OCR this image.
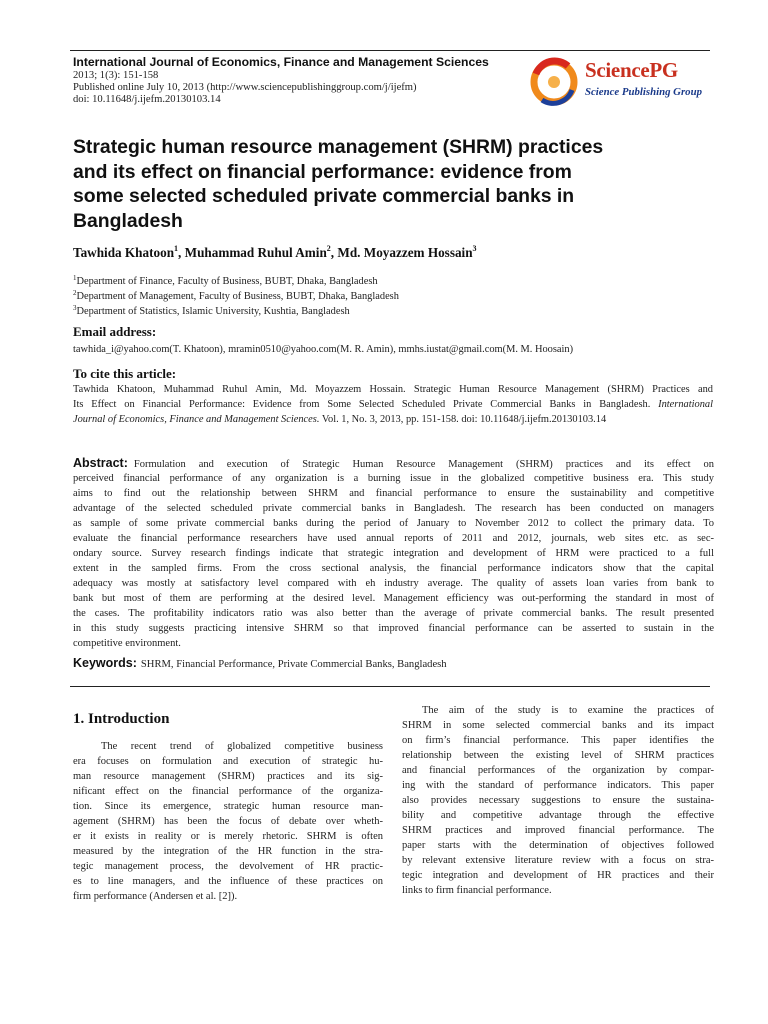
International Journal of Economics, Finance and Management Sciences
2013; 1(3): 151-158
Published online July 10, 2013 (http://www.sciencepublishinggroup.com/j/ijefm)
doi: 10.11648/j.ijefm.20130103.14
SciencePG
Science Publishing Group
Strategic human resource management (SHRM) practices
and its effect on financial performance: evidence from
some selected scheduled private commercial banks in
Bangladesh
Tawhida Khatoon$^1$, Muhammad Ruhul Amin$^2$, Md. Moyazzem Hossain$^3$
$^1$Department of Finance, Faculty of Business, BUBT, Dhaka, Bangladesh
$^2$Department of Management, Faculty of Business, BUBT, Dhaka, Bangladesh
$^3$Department of Statistics, Islamic University, Kushtia, Bangladesh
Email address:
tawhida_i@yahoo.com(T. Khatoon), mramin0510@yahoo.com(M. R. Amin), mmhs.iustat@gmail.com(M. M. Hoosain)
To cite this article:
Tawhida Khatoon, Muhammad Ruhul Amin, Md. Moyazzem Hossain. Strategic Human Resource Management (SHRM) Practices and
Its Effect on Financial Performance: Evidence from Some Selected Scheduled Private Commercial Banks in Bangladesh. International
Journal of Economics, Finance and Management Sciences. Vol. 1, No. 3, 2013, pp. 151-158. doi: 10.11648/j.ijefm.20130103.14
Abstract: Formulation and execution of Strategic Human Resource Management (SHRM) practices and its effect on
perceived financial performance of any organization is a burning issue in the globalized competitive business era. This study
aims to find out the relationship between SHRM and financial performance to ensure the sustainability and competitive
advantage of the selected scheduled private commercial banks in Bangladesh. The research has been conducted on managers
as sample of some private commercial banks during the period of January to November 2012 to collect the primary data. To
evaluate the financial performance researchers have used annual reports of 2011 and 2012, journals, web sites etc. as sec-
ondary source. Survey research findings indicate that strategic integration and development of HRM were practiced to a full
extent in the sampled firms. From the cross sectional analysis, the financial performance indicators show that the capital
adequacy was mostly at satisfactory level compared with eh industry average. The quality of assets loan varies from bank to
bank but most of them are performing at the desired level. Management efficiency was out-performing the standard in most of
the cases. The profitability indicators ratio was also better than the average of private commercial banks. The result presented
in this study suggests practicing intensive SHRM so that improved financial performance can be asserted to sustain in the
competitive environment.
Keywords: SHRM, Financial Performance, Private Commercial Banks, Bangladesh
1. Introduction
The recent trend of globalized competitive business
era focuses on formulation and execution of strategic hu-
man resource management (SHRM) practices and its sig-
nificant effect on the financial performance of the organiza-
tion. Since its emergence, strategic human resource man-
agement (SHRM) has been the focus of debate over wheth-
er it exists in reality or is merely rhetoric. SHRM is often
measured by the integration of the HR function in the stra-
tegic management process, the devolvement of HR practic-
es to line managers, and the influence of these practices on
firm performance (Andersen et al. [2]).
The aim of the study is to examine the practices of
SHRM in some selected commercial banks and its impact
on firm’s financial performance. This paper identifies the
relationship between the existing level of SHRM practices
and financial performances of the organization by compar-
ing with the standard of performance indicators. This paper
also provides necessary suggestions to ensure the sustaina-
bility and competitive advantage through the effective
SHRM practices and improved financial performance. The
paper starts with the determination of objectives followed
by relevant extensive literature review with a focus on stra-
tegic integration and development of HR practices and their
links to firm financial performance.
